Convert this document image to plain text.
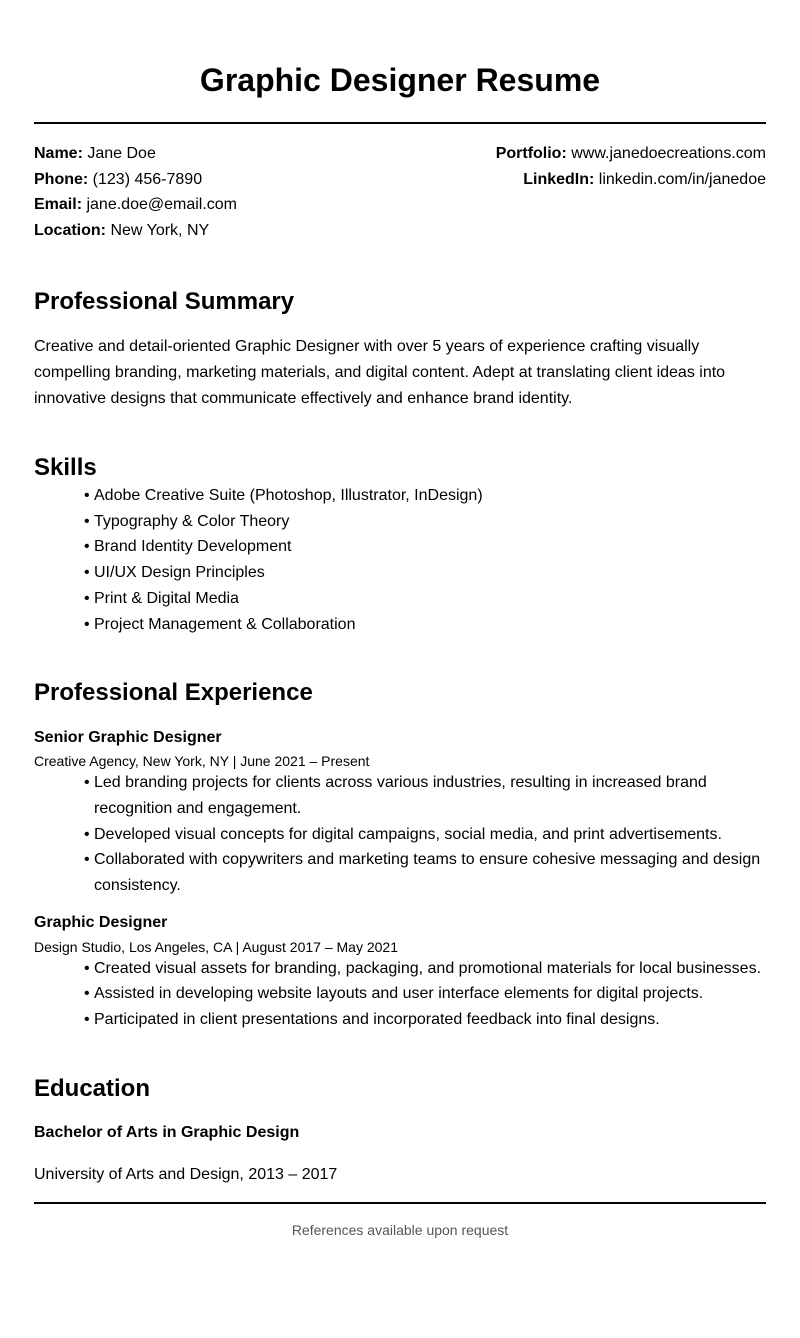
Graphic Designer Resume
Name: Jane Doe
Phone: (123) 456-7890
Email: jane.doe@email.com
Location: New York, NY
Portfolio: www.janedoecreations.com
LinkedIn: linkedin.com/in/janedoe
Professional Summary

Creative and detail-oriented Graphic Designer with over 5 years of experience crafting visually compelling branding, marketing materials, and digital content. Adept at translating client ideas into innovative designs that communicate effectively and enhance brand identity.

Skills
• Adobe Creative Suite (Photoshop, Illustrator, InDesign)
• Typography & Color Theory
• Brand Identity Development
• UI/UX Design Principles
• Print & Digital Media
• Project Management & Collaboration
Professional Experience
Senior Graphic Designer

Creative Agency, New York, NY | June 2021 – Present

• Led branding projects for clients across various industries, resulting in increased brand recognition and engagement.
• Developed visual concepts for digital campaigns, social media, and print advertisements.
• Collaborated with copywriters and marketing teams to ensure cohesive messaging and design consistency.
Graphic Designer

Design Studio, Los Angeles, CA | August 2017 – May 2021

• Created visual assets for branding, packaging, and promotional materials for local businesses.
• Assisted in developing website layouts and user interface elements for digital projects.
• Participated in client presentations and incorporated feedback into final designs.
Education
Bachelor of Arts in Graphic Design

University of Arts and Design, 2013 – 2017

References available upon request
